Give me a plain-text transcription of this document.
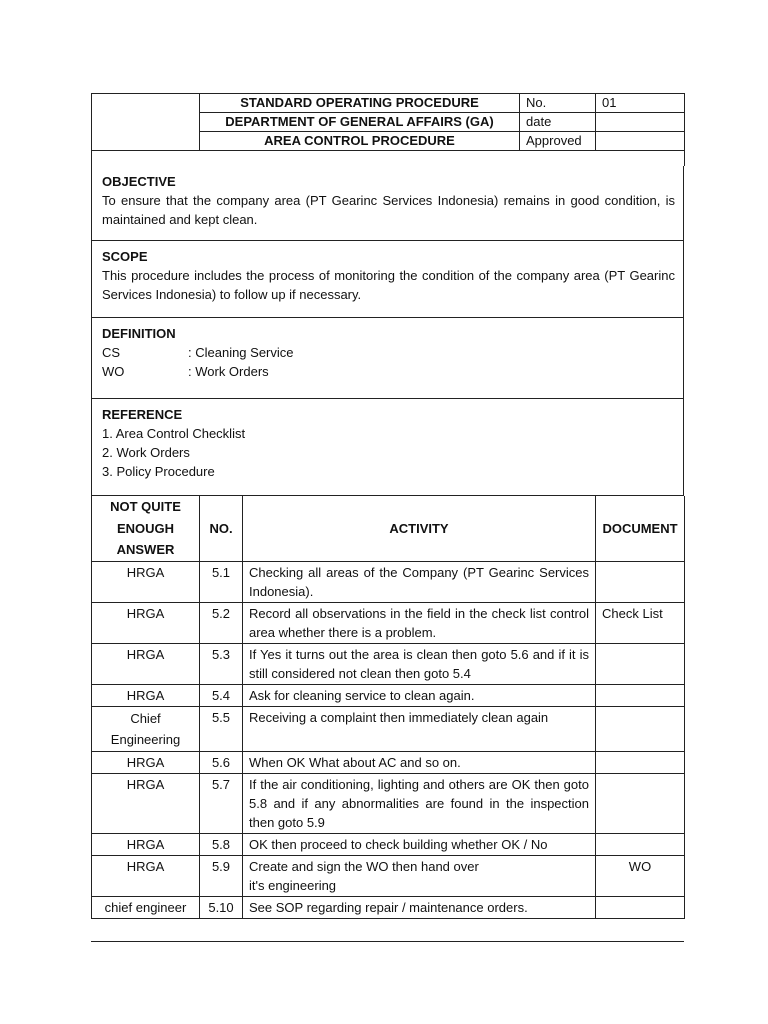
	STANDARD OPERATING PROCEDURE	No.	01
	DEPARTMENT OF GENERAL AFFAIRS (GA)	date	
	AREA CONTROL PROCEDURE	Approved	

OBJECTIVE
To ensure that the company area (PT Gearinc Services Indonesia) remains in good condition, is maintained and kept clean.

SCOPE
This procedure includes the process of monitoring the condition of the company area (PT Gearinc Services Indonesia) to follow up if necessary.

DEFINITION
CS	: Cleaning Service
WO	: Work Orders

REFERENCE
1. Area Control Checklist
2. Work Orders
3. Policy Procedure
NOT QUITE ENOUGH ANSWER	NO.	ACTIVITY	DOCUMENT
HRGA	5.1	Checking all areas of the Company (PT Gearinc Services Indonesia).	
HRGA	5.2	Record all observations in the field in the check list control area whether there is a problem.	Check List
HRGA	5.3	If Yes it turns out the area is clean then goto 5.6 and if it is still considered not clean then goto 5.4	
HRGA	5.4	Ask for cleaning service to clean again.	
Chief Engineering	5.5	Receiving a complaint then immediately clean again	
HRGA	5.6	When OK What about AC and so on.	
HRGA	5.7	If the air conditioning, lighting and others are OK then goto 5.8 and if any abnormalities are found in the inspection then goto 5.9	
HRGA	5.8	OK then proceed to check building whether OK / No	
HRGA	5.9	Create and sign the WO then hand over it's engineering	WO
chief engineer	5.10	See SOP regarding repair / maintenance orders.	
